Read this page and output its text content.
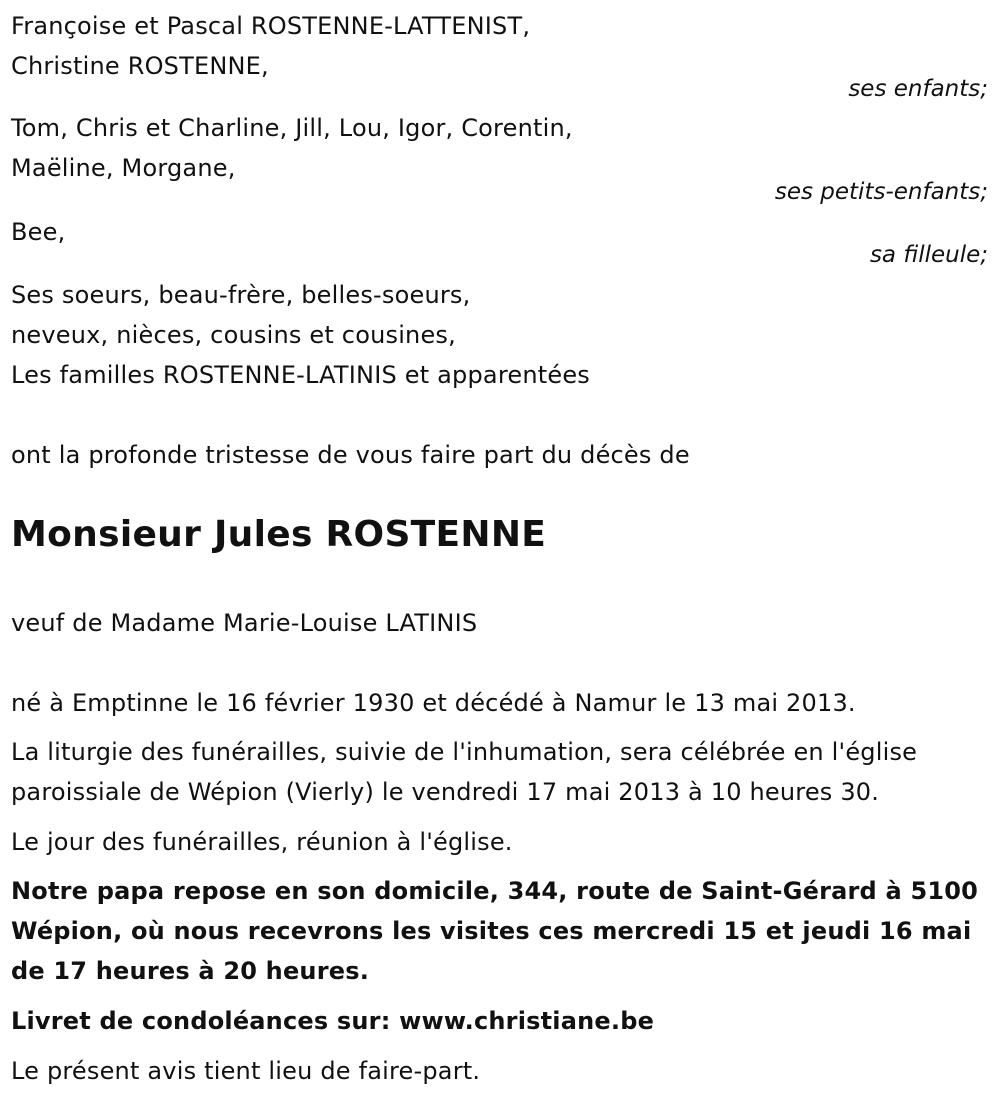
Françoise et Pascal ROSTENNE-LATTENIST,
Christine ROSTENNE,
ses enfants;
Tom, Chris et Charline, Jill, Lou, Igor, Corentin,
Maëline, Morgane,
ses petits-enfants;
Bee,
sa filleule;
Ses soeurs, beau-frère, belles-soeurs,
neveux, nièces, cousins et cousines,
Les familles ROSTENNE-LATINIS et apparentées
ont la profonde tristesse de vous faire part du décès de
Monsieur Jules ROSTENNE
veuf de Madame Marie-Louise LATINIS
né à Emptinne le 16 février 1930 et décédé à Namur le 13 mai 2013.
La liturgie des funérailles, suivie de l'inhumation, sera célébrée en l'église
paroissiale de Wépion (Vierly) le vendredi 17 mai 2013 à 10 heures 30.
Le jour des funérailles, réunion à l'église.
Notre papa repose en son domicile, 344, route de Saint-Gérard à 5100
Wépion, où nous recevrons les visites ces mercredi 15 et jeudi 16 mai
de 17 heures à 20 heures.
Livret de condoléances sur: www.christiane.be
Le présent avis tient lieu de faire-part.
